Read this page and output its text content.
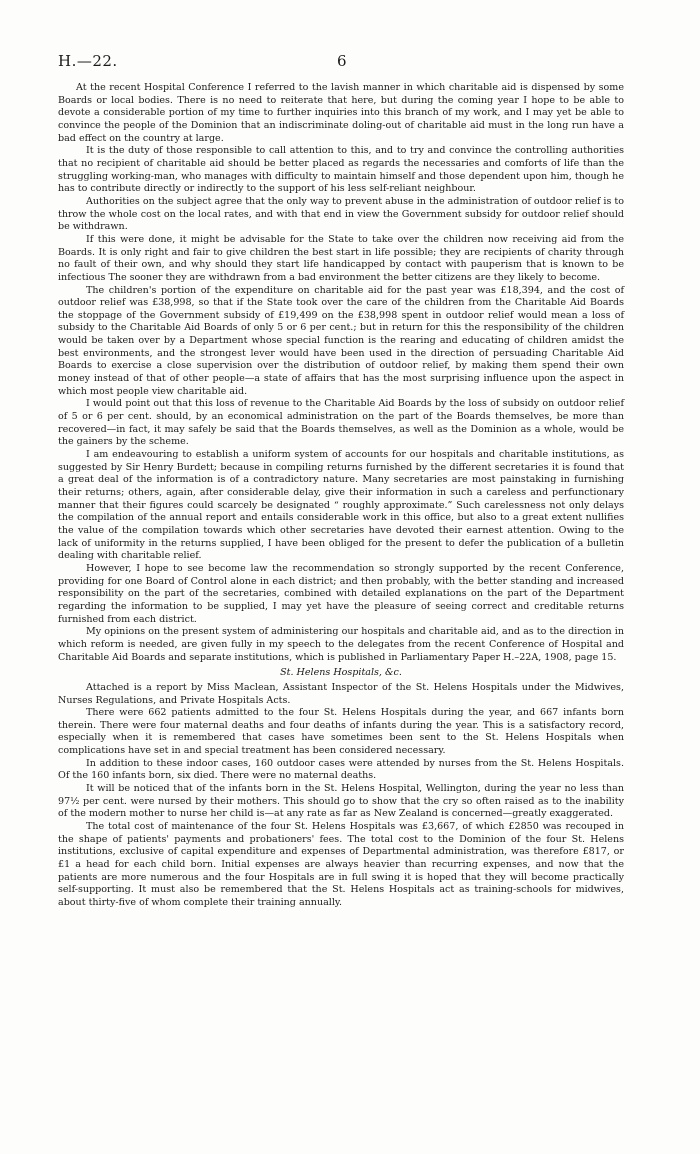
H.—22.	6

At the recent Hospital Conference I referred to the lavish manner in which charitable aid is dispensed by some Boards or local bodies. There is no need to reiterate that here, but during the coming year I hope to be able to devote a considerable portion of my time to further inquiries into this branch of my work, and I may yet be able to convince the people of the Dominion that an indiscriminate doling-out of charitable aid must in the long run have a bad effect on the country at large.

It is the duty of those responsible to call attention to this, and to try and convince the controlling authorities that no recipient of charitable aid should be better placed as regards the necessaries and comforts of life than the struggling working-man, who manages with difficulty to maintain himself and those dependent upon him, though he has to contribute directly or indirectly to the support of his less self-reliant neighbour.

Authorities on the subject agree that the only way to prevent abuse in the administration of outdoor relief is to throw the whole cost on the local rates, and with that end in view the Government subsidy for outdoor relief should be withdrawn.

If this were done, it might be advisable for the State to take over the children now receiving aid from the Boards. It is only right and fair to give children the best start in life possible; they are recipients of charity through no fault of their own, and why should they start life handicapped by contact with pauperism that is known to be infectious The sooner they are withdrawn from a bad environment the better citizens are they likely to become.

The children's portion of the expenditure on charitable aid for the past year was £18,394, and the cost of outdoor relief was £38,998, so that if the State took over the care of the children from the Charitable Aid Boards the stoppage of the Government subsidy of £19,499 on the £38,998 spent in outdoor relief would mean a loss of subsidy to the Charitable Aid Boards of only 5 or 6 per cent.; but in return for this the responsibility of the children would be taken over by a Department whose special function is the rearing and educating of children amidst the best environments, and the strongest lever would have been used in the direction of persuading Charitable Aid Boards to exercise a close supervision over the distribution of outdoor relief, by making them spend their own money instead of that of other people—a state of affairs that has the most surprising influence upon the aspect in which most people view charitable aid.

I would point out that this loss of revenue to the Charitable Aid Boards by the loss of subsidy on outdoor relief of 5 or 6 per cent. should, by an economical administration on the part of the Boards themselves, be more than recovered—in fact, it may safely be said that the Boards themselves, as well as the Dominion as a whole, would be the gainers by the scheme.

I am endeavouring to establish a uniform system of accounts for our hospitals and charitable institutions, as suggested by Sir Henry Burdett; because in compiling returns furnished by the different secretaries it is found that a great deal of the information is of a contradictory nature. Many secretaries are most painstaking in furnishing their returns; others, again, after considerable delay, give their information in such a careless and perfunctionary manner that their figures could scarcely be designated “ roughly approximate.” Such carelessness not only delays the compilation of the annual report and entails considerable work in this office, but also to a great extent nullifies the value of the compilation towards which other secretaries have devoted their earnest attention. Owing to the lack of uniformity in the returns supplied, I have been obliged for the present to defer the publication of a bulletin dealing with charitable relief.

However, I hope to see become law the recommendation so strongly supported by the recent Conference, providing for one Board of Control alone in each district; and then probably, with the better standing and increased responsibility on the part of the secretaries, combined with detailed explanations on the part of the Department regarding the information to be supplied, I may yet have the pleasure of seeing correct and creditable returns furnished from each district.

My opinions on the present system of administering our hospitals and charitable aid, and as to the direction in which reform is needed, are given fully in my speech to the delegates from the recent Conference of Hospital and Charitable Aid Boards and separate institutions, which is published in Parliamentary Paper H.–22A, 1908, page 15.

St. Helens Hospitals, &c.

Attached is a report by Miss Maclean, Assistant Inspector of the St. Helens Hospitals under the Midwives, Nurses Regulations, and Private Hospitals Acts.

There were 662 patients admitted to the four St. Helens Hospitals during the year, and 667 infants born therein. There were four maternal deaths and four deaths of infants during the year. This is a satisfactory record, especially when it is remembered that cases have sometimes been sent to the St. Helens Hospitals when complications have set in and special treatment has been considered necessary.

In addition to these indoor cases, 160 outdoor cases were attended by nurses from the St. Helens Hospitals. Of the 160 infants born, six died. There were no maternal deaths.

It will be noticed that of the infants born in the St. Helens Hospital, Wellington, during the year no less than 97½ per cent. were nursed by their mothers. This should go to show that the cry so often raised as to the inability of the modern mother to nurse her child is—at any rate as far as New Zealand is concerned—greatly exaggerated.

The total cost of maintenance of the four St. Helens Hospitals was £3,667, of which £2850 was recouped in the shape of patients' payments and probationers' fees. The total cost to the Dominion of the four St. Helens institutions, exclusive of capital expenditure and expenses of Departmental administration, was therefore £817, or £1 a head for each child born. Initial expenses are always heavier than recurring expenses, and now that the patients are more numerous and the four Hospitals are in full swing it is hoped that they will become practically self-supporting. It must also be remembered that the St. Helens Hospitals act as training-schools for midwives, about thirty-five of whom complete their training annually.
